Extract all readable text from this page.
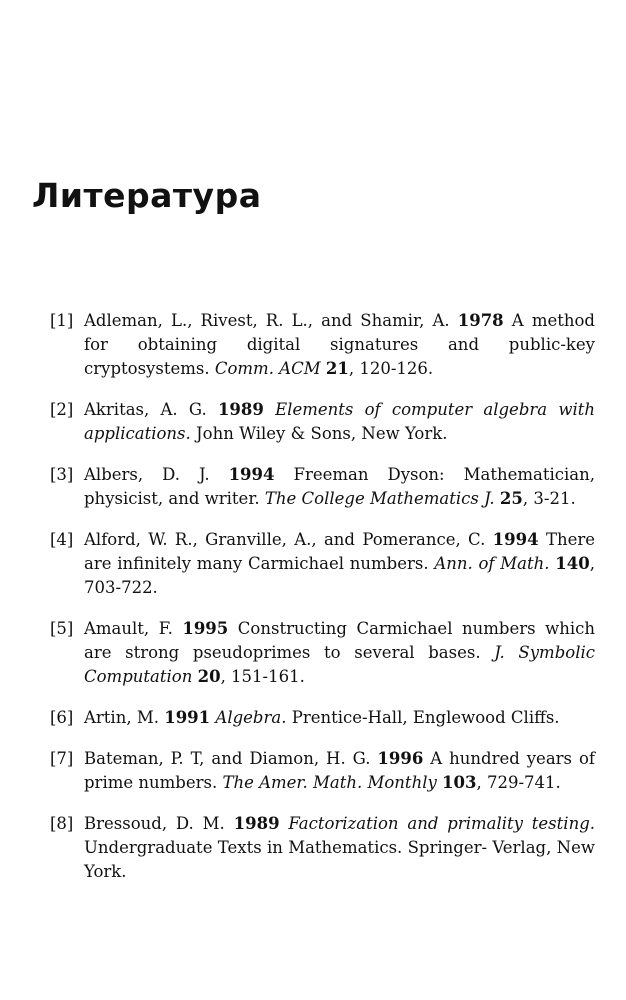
Литература
[1] Adleman, L., Rivest, R. L., and Shamir, A. 1978 A method for obtaining digital signatures and public-key cryptosystems. Comm. ACM 21, 120-126.
[2] Akritas, A. G. 1989 Elements of computer algebra with applications. John Wiley & Sons, New York.
[3] Albers, D. J. 1994 Freeman Dyson: Mathematician, physicist, and writer. The College Mathematics J. 25, 3-21.
[4] Alford, W. R., Granville, A., and Pomerance, C. 1994 There are infinitely many Carmichael numbers. Ann. of Math. 140, 703-722.
[5] Amault, F. 1995 Constructing Carmichael numbers which are strong pseudoprimes to several bases. J. Symbolic Computation 20, 151-161.
[6] Artin, M. 1991 Algebra. Prentice-Hall, Englewood Cliffs.
[7] Bateman, P. T, and Diamon, H. G. 1996 A hundred years of prime numbers. The Amer. Math. Monthly 103, 729-741.
[8] Bressoud, D. M. 1989 Factorization and primality testing. Undergraduate Texts in Mathematics. Springer- Verlag, New York.
